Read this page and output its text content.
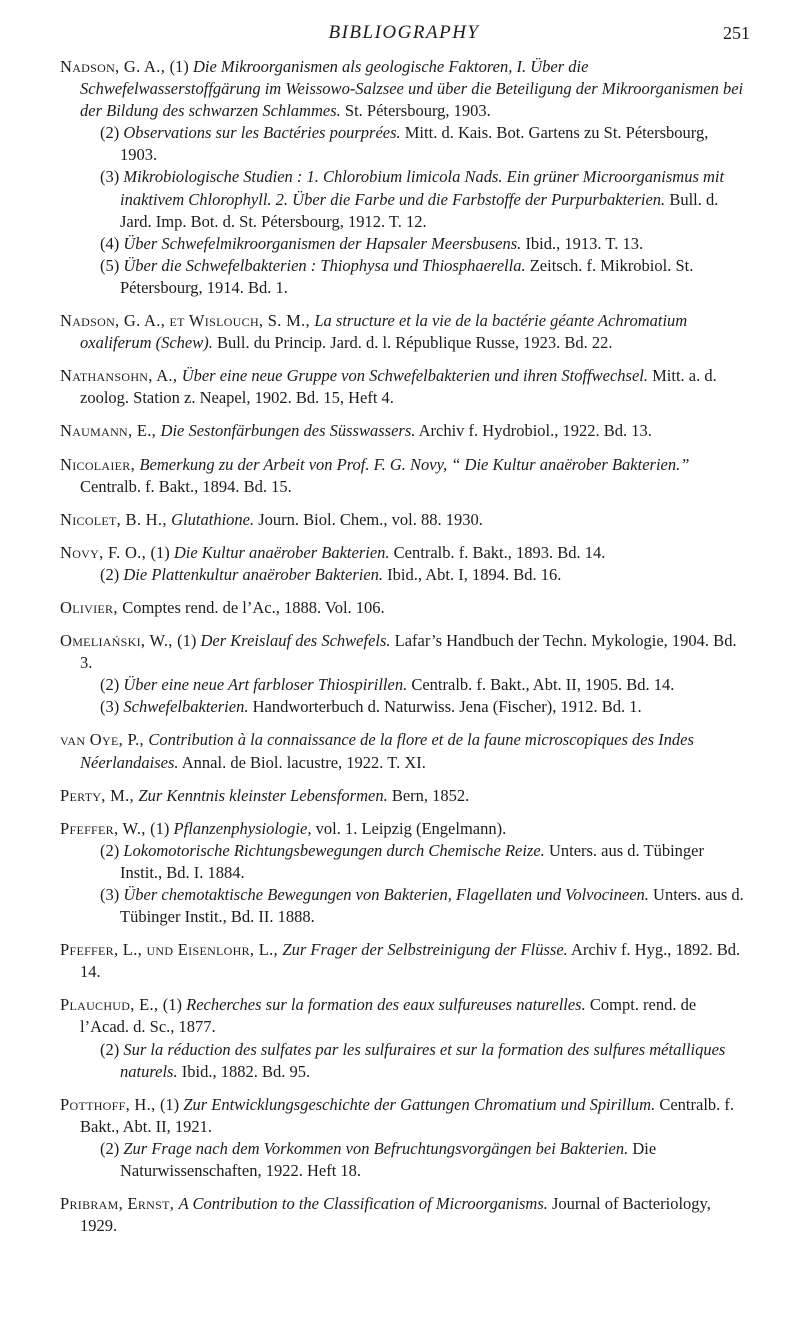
BIBLIOGRAPHY	251
Nadson, G. A., (1) Die Mikroorganismen als geologische Faktoren, I. Über die Schwefelwasserstoffgärung im Weissowo-Salzsee und über die Beteiligung der Mikroorganismen bei der Bildung des schwarzen Schlammes. St. Pétersbourg, 1903.
(2) Observations sur les Bactéries pourprées. Mitt. d. Kais. Bot. Gartens zu St. Pétersbourg, 1903.
(3) Mikrobiologische Studien : 1. Chlorobium limicola Nads. Ein grüner Microorganismus mit inaktivem Chlorophyll. 2. Über die Farbe und die Farbstoffe der Purpurbakterien. Bull. d. Jard. Imp. Bot. d. St. Pétersbourg, 1912. T. 12.
(4) Über Schwefelmikroorganismen der Hapsaler Meersbusens. Ibid., 1913. T. 13.
(5) Über die Schwefelbakterien : Thiophysa und Thiosphaerella. Zeitsch. f. Mikrobiol. St. Pétersbourg, 1914. Bd. 1.
Nadson, G. A., et Wislouch, S. M., La structure et la vie de la bactérie géante Achromatium oxaliferum (Schew). Bull. du Princip. Jard. d. l. République Russe, 1923. Bd. 22.
Nathansohn, A., Über eine neue Gruppe von Schwefelbakterien und ihren Stoffwechsel. Mitt. a. d. zoolog. Station z. Neapel, 1902. Bd. 15, Heft 4.
Naumann, E., Die Sestonfärbungen des Süsswassers. Archiv f. Hydrobiol., 1922. Bd. 13.
Nicolaier, Bemerkung zu der Arbeit von Prof. F. G. Novy, “ Die Kultur anaërober Bakterien.” Centralb. f. Bakt., 1894. Bd. 15.
Nicolet, B. H., Glutathione. Journ. Biol. Chem., vol. 88. 1930.
Novy, F. O., (1) Die Kultur anaërober Bakterien. Centralb. f. Bakt., 1893. Bd. 14.
(2) Die Plattenkultur anaërober Bakterien. Ibid., Abt. I, 1894. Bd. 16.
Olivier, Comptes rend. de l’Ac., 1888. Vol. 106.
Omeliański, W., (1) Der Kreislauf des Schwefels. Lafar’s Handbuch der Techn. Mykologie, 1904. Bd. 3.
(2) Über eine neue Art farbloser Thiospirillen. Centralb. f. Bakt., Abt. II, 1905. Bd. 14.
(3) Schwefelbakterien. Handworterbuch d. Naturwiss. Jena (Fischer), 1912. Bd. 1.
van Oye, P., Contribution à la connaissance de la flore et de la faune microscopiques des Indes Néerlandaises. Annal. de Biol. lacustre, 1922. T. XI.
Perty, M., Zur Kenntnis kleinster Lebensformen. Bern, 1852.
Pfeffer, W., (1) Pflanzenphysiologie, vol. 1. Leipzig (Engelmann).
(2) Lokomotorische Richtungsbewegungen durch Chemische Reize. Unters. aus d. Tübinger Instit., Bd. I. 1884.
(3) Über chemotaktische Bewegungen von Bakterien, Flagellaten und Volvocineen. Unters. aus d. Tübinger Instit., Bd. II. 1888.
Pfeffer, L., und Eisenlohr, L., Zur Frager der Selbstreinigung der Flüsse. Archiv f. Hyg., 1892. Bd. 14.
Plauchud, E., (1) Recherches sur la formation des eaux sulfureuses naturelles. Compt. rend. de l’Acad. d. Sc., 1877.
(2) Sur la réduction des sulfates par les sulfuraires et sur la formation des sulfures métalliques naturels. Ibid., 1882. Bd. 95.
Potthoff, H., (1) Zur Entwicklungsgeschichte der Gattungen Chromatium und Spirillum. Centralb. f. Bakt., Abt. II, 1921.
(2) Zur Frage nach dem Vorkommen von Befruchtungsvorgängen bei Bakterien. Die Naturwissenschaften, 1922. Heft 18.
Pribram, Ernst, A Contribution to the Classification of Microorganisms. Journal of Bacteriology, 1929.
